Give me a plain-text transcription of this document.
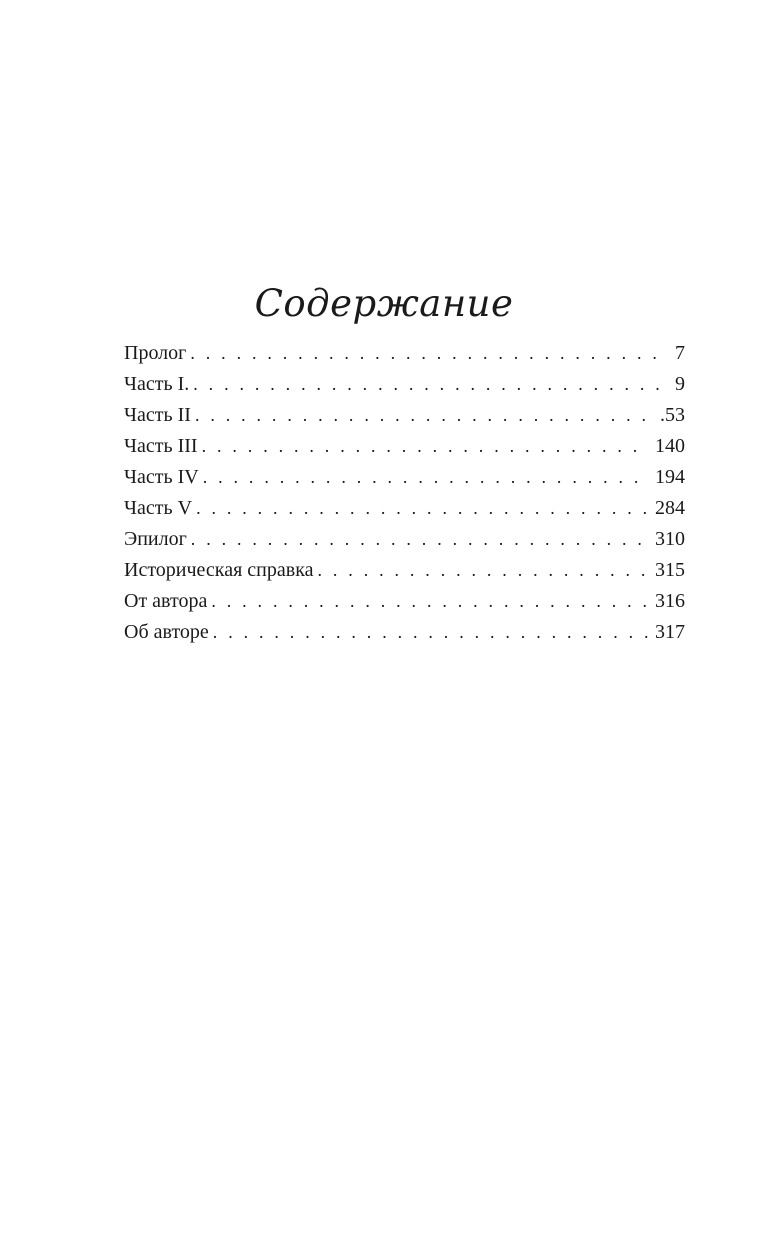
Содержание
Пролог . . .	7
Часть I. . . .	9
Часть II . . .	.53
Часть III . . .	140
Часть IV . . .	194
Часть V . . .	284
Эпилог . . .	310
Историческая справка . . .	315
От автора . . .	316
Об авторе . . .	317
